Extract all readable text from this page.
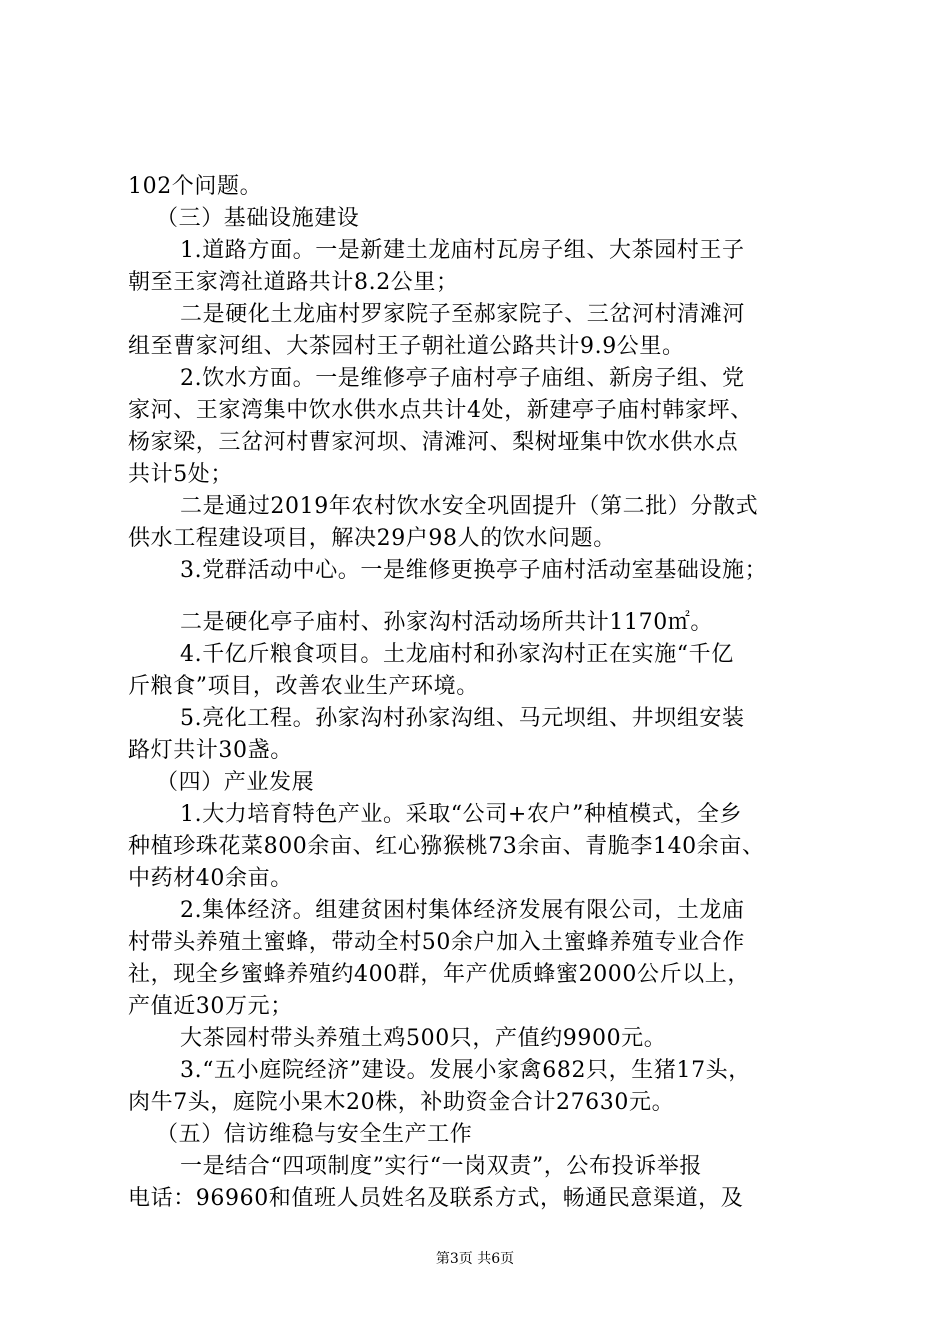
102个问题。
（三）基础设施建设
1.道路方面。一是新建土龙庙村瓦房子组、大茶园村王子
朝至王家湾社道路共计8.2公里；
二是硬化土龙庙村罗家院子至郝家院子、三岔河村清滩河
组至曹家河组、大茶园村王子朝社道公路共计9.9公里。
2.饮水方面。一是维修亭子庙村亭子庙组、新房子组、党
家河、王家湾集中饮水供水点共计4处，新建亭子庙村韩家坪、
杨家梁，三岔河村曹家河坝、清滩河、梨树垭集中饮水供水点
共计5处；
二是通过2019年农村饮水安全巩固提升（第二批）分散式
供水工程建设项目，解决29户98人的饮水问题。
3.党群活动中心。一是维修更换亭子庙村活动室基础设施；
二是硬化亭子庙村、孙家沟村活动场所共计1170㎡。
4.千亿斤粮食项目。土龙庙村和孙家沟村正在实施“千亿
斤粮食”项目，改善农业生产环境。
5.亮化工程。孙家沟村孙家沟组、马元坝组、井坝组安装
路灯共计30盏。
（四）产业发展
1.大力培育特色产业。采取“公司+农户”种植模式，全乡
种植珍珠花菜800余亩、红心猕猴桃73余亩、青脆李140余亩、
中药材40余亩。
2.集体经济。组建贫困村集体经济发展有限公司，土龙庙
村带头养殖土蜜蜂，带动全村50余户加入土蜜蜂养殖专业合作
社，现全乡蜜蜂养殖约400群，年产优质蜂蜜2000公斤以上，
产值近30万元；
大茶园村带头养殖土鸡500只，产值约9900元。
3.“五小庭院经济”建设。发展小家禽682只，生猪17头，
肉牛7头，庭院小果木20株，补助资金合计27630元。
（五）信访维稳与安全生产工作
一是结合“四项制度”实行“一岗双责”，公布投诉举报
电话：96960和值班人员姓名及联系方式，畅通民意渠道，及
第3页 共6页
